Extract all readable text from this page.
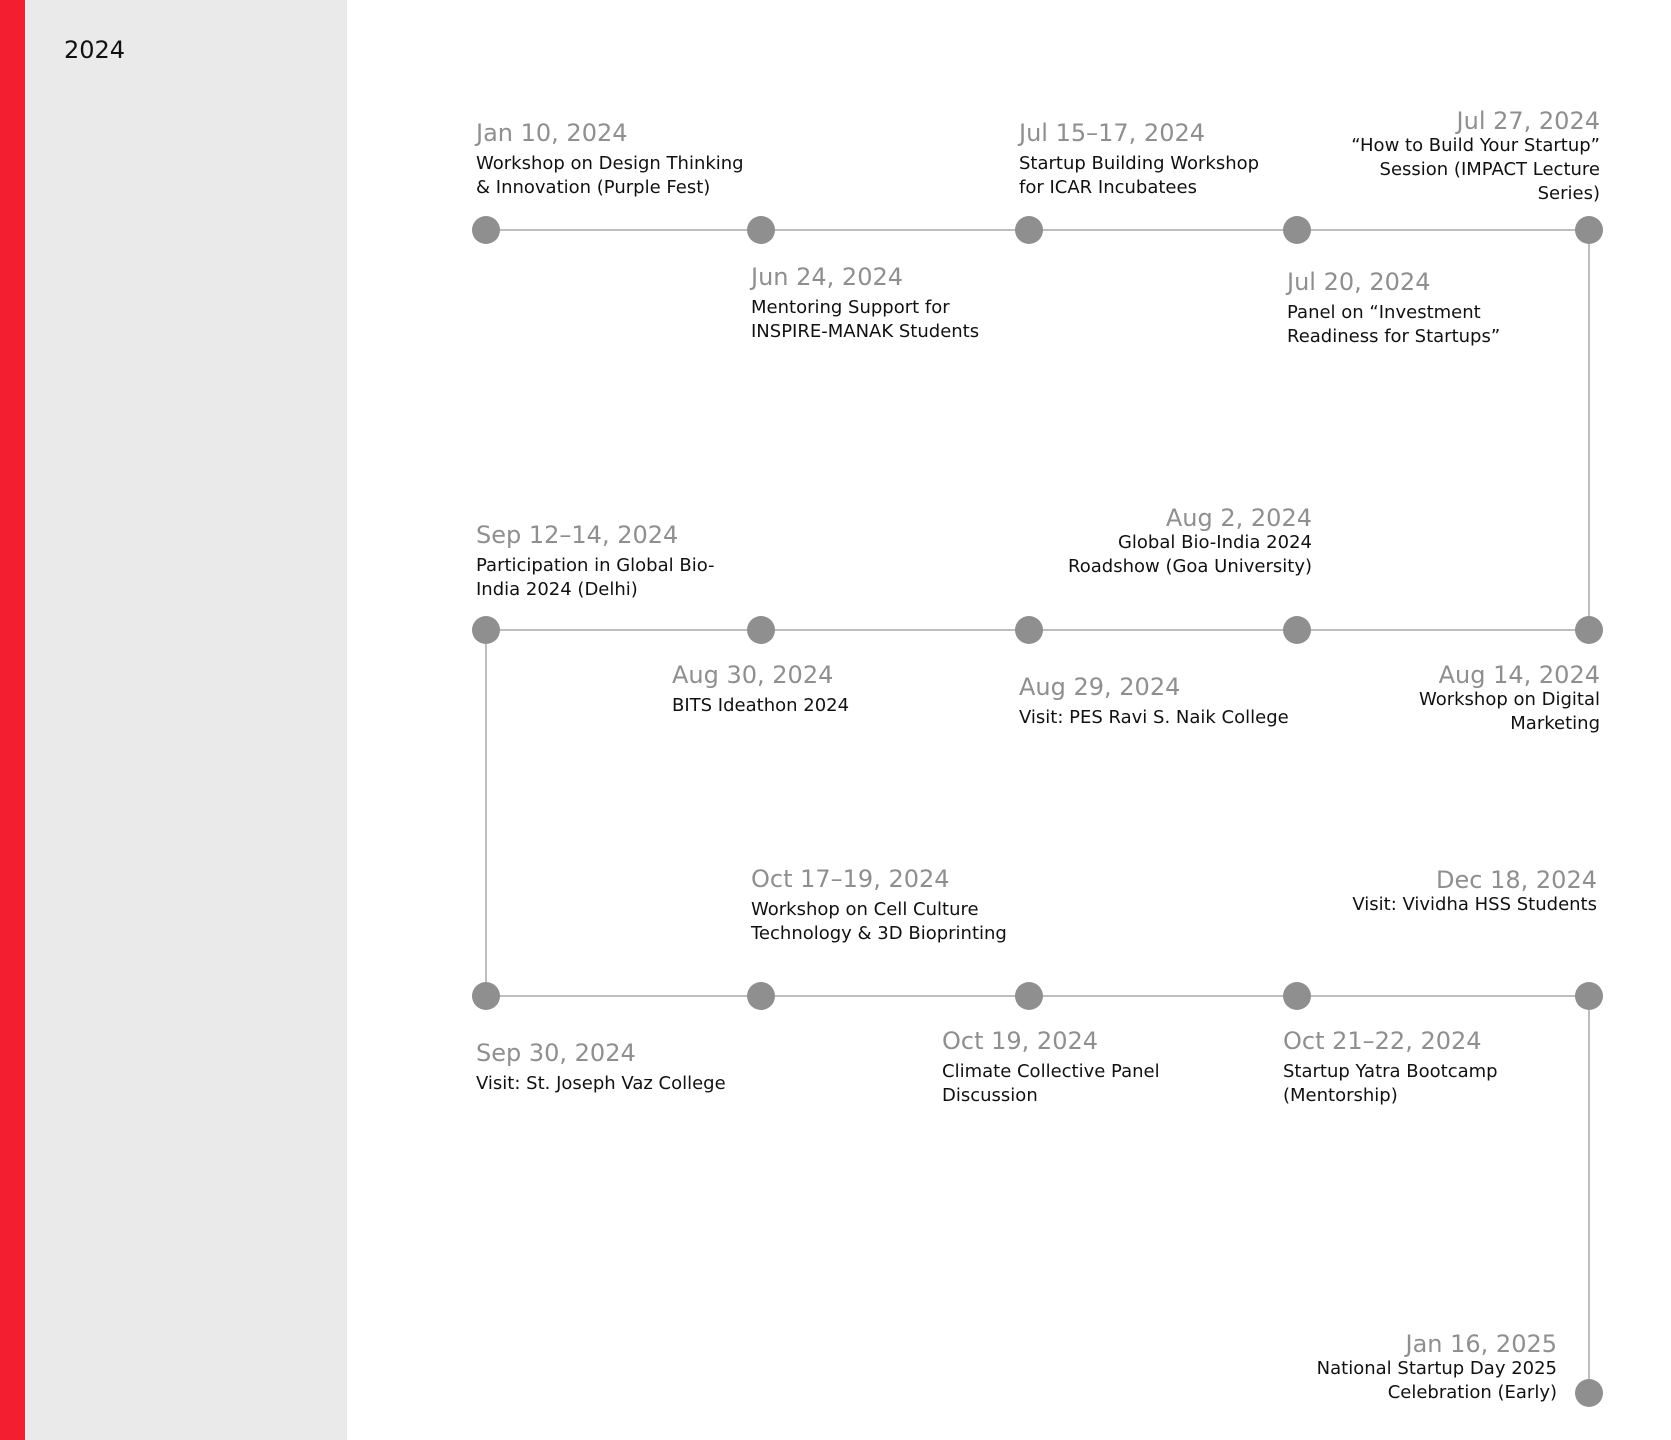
2024
Jan 10, 2024
Workshop on Design Thinking & Innovation (Purple Fest)
Jun 24, 2024
Mentoring Support for INSPIRE-MANAK Students
Jul 15–17, 2024
Startup Building Workshop for ICAR Incubatees
Jul 20, 2024
Panel on “Investment Readiness for Startups”
Jul 27, 2024
“How to Build Your Startup” Session (IMPACT Lecture Series)
Aug 2, 2024
Global Bio-India 2024 Roadshow (Goa University)
Aug 14, 2024
Workshop on Digital Marketing
Aug 29, 2024
Visit: PES Ravi S. Naik College
Aug 30, 2024
BITS Ideathon 2024
Sep 12–14, 2024
Participation in Global Bio-India 2024 (Delhi)
Sep 30, 2024
Visit: St. Joseph Vaz College
Oct 17–19, 2024
Workshop on Cell Culture Technology & 3D Bioprinting
Oct 19, 2024
Climate Collective Panel Discussion
Oct 21–22, 2024
Startup Yatra Bootcamp (Mentorship)
Dec 18, 2024
Visit: Vividha HSS Students
Jan 16, 2025
National Startup Day 2025 Celebration (Early)
